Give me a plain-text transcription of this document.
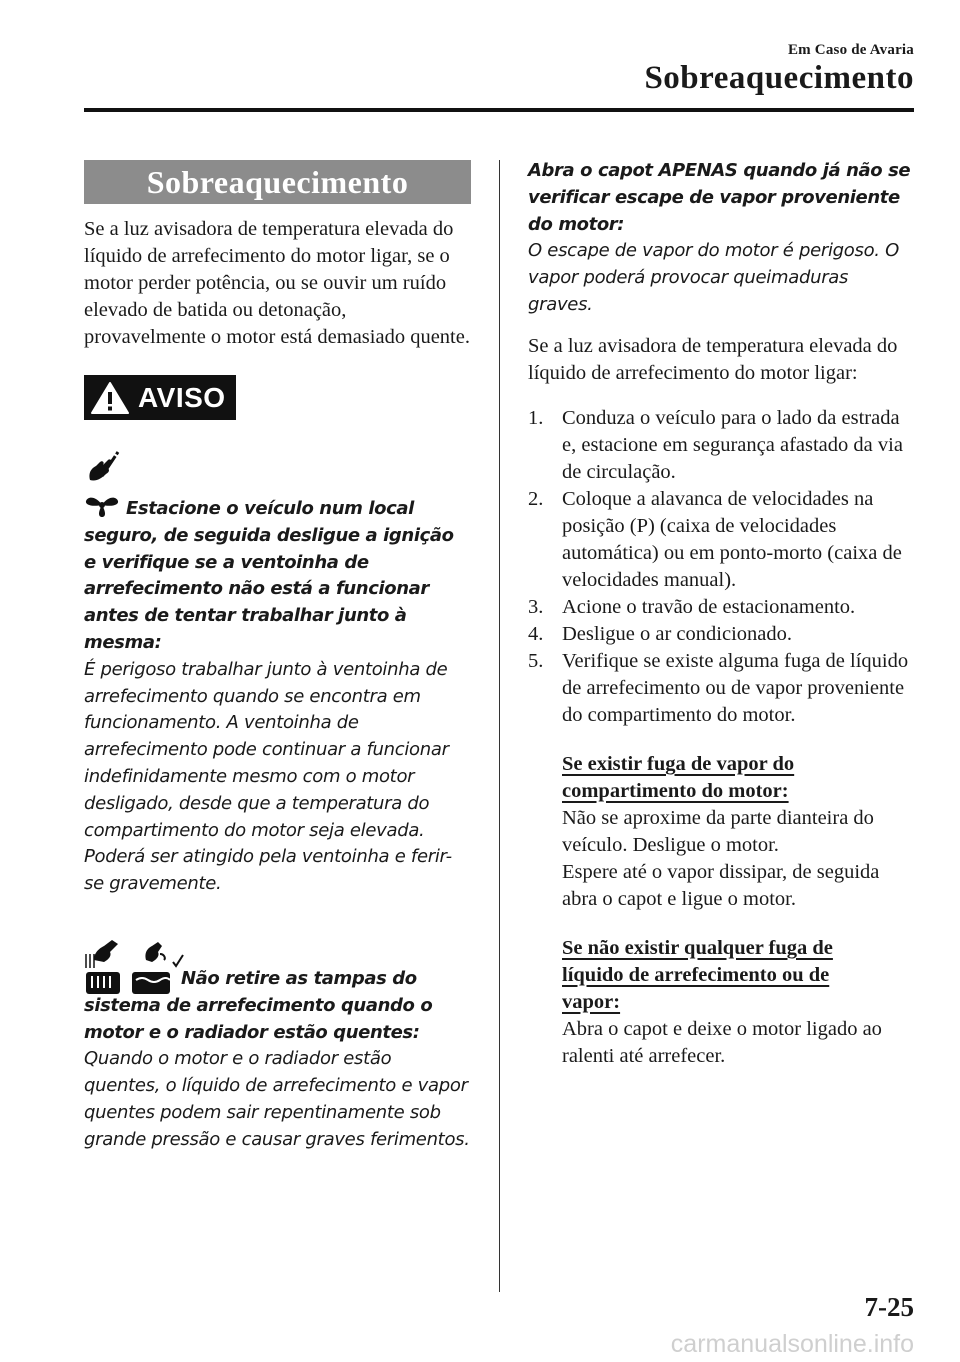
Em Caso de Avaria
Sobreaquecimento
Sobreaquecimento

Se a luz avisadora de temperatura elevada do líquido de arrefecimento do motor ligar, se o motor perder potência, ou se ouvir um ruído elevado de batida ou detonação, provavelmente o motor está demasiado quente.

AVISO
Estacione o veículo num local seguro, de seguida desligue a ignição e verifique se a ventoinha de arrefecimento não está a funcionar antes de tentar trabalhar junto à mesma:
É perigoso trabalhar junto à ventoinha de arrefecimento quando se encontra em funcionamento. A ventoinha de arrefecimento pode continuar a funcionar indefinidamente mesmo com o motor desligado, desde que a temperatura do compartimento do motor seja elevada. Poderá ser atingido pela ventoinha e ferir-se gravemente.
Não retire as tampas do sistema de arrefecimento quando o motor e o radiador estão quentes:
Quando o motor e o radiador estão quentes, o líquido de arrefecimento e vapor quentes podem sair repentinamente sob grande pressão e causar graves ferimentos.
Abra o capot APENAS quando já não se verificar escape de vapor proveniente do motor:
O escape de vapor do motor é perigoso. O vapor poderá provocar queimaduras graves.

Se a luz avisadora de temperatura elevada do líquido de arrefecimento do motor ligar:

1. Conduza o veículo para o lado da estrada e, estacione em segurança afastado da via de circulação.
2. Coloque a alavanca de velocidades na posição (P) (caixa de velocidades automática) ou em ponto-morto (caixa de velocidades manual).
3. Acione o travão de estacionamento.
4. Desligue o ar condicionado.
5. Verifique se existe alguma fuga de líquido de arrefecimento ou de vapor proveniente do compartimento do motor.
Se existir fuga de vapor do compartimento do motor:
Não se aproxime da parte dianteira do veículo. Desligue o motor.
Espere até o vapor dissipar, de seguida abra o capot e ligue o motor.
Se não existir qualquer fuga de líquido de arrefecimento ou de vapor:
Abra o capot e deixe o motor ligado ao ralenti até arrefecer.
7-25
carmanualsonline.info
